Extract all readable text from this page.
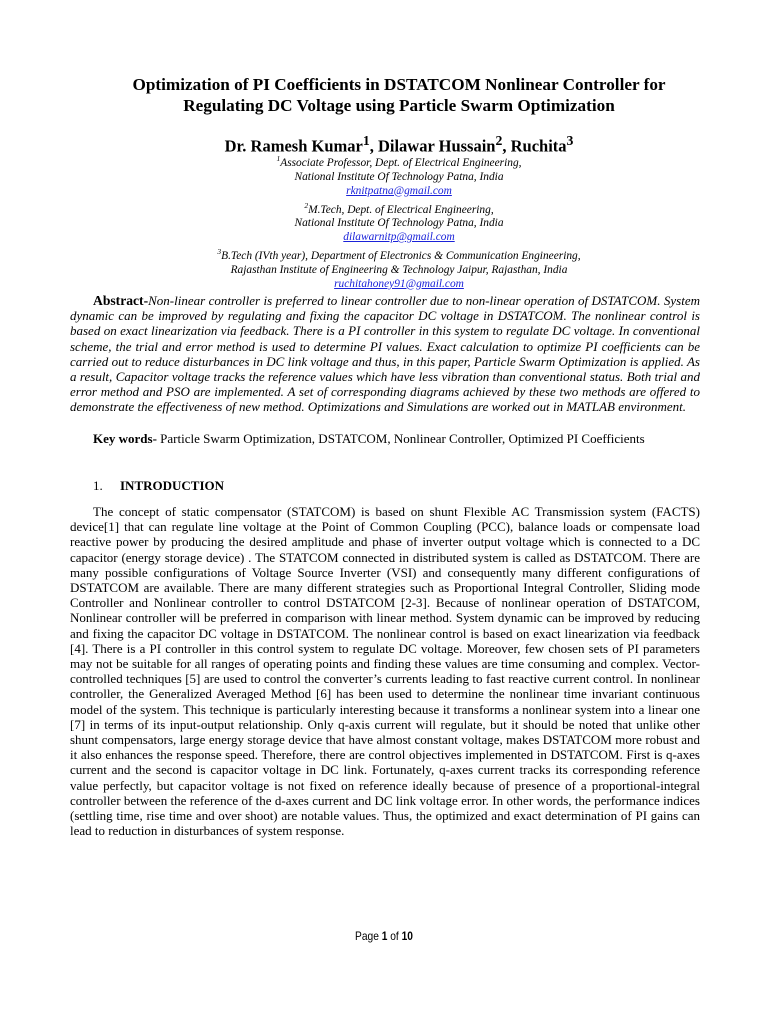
Optimization of PI Coefficients in DSTATCOM Nonlinear Controller for
Regulating DC Voltage using Particle Swarm Optimization
Dr. Ramesh Kumar$^1$, Dilawar Hussain$^2$, Ruchita$^3$
$^1$Associate Professor, Dept. of Electrical Engineering,
National Institute Of Technology Patna, India
rknitpatna@gmail.com
$^2$M.Tech, Dept. of Electrical Engineering,
National Institute Of Technology Patna, India
dilawarnitp@gmail.com
$^3$B.Tech (IVth year), Department of Electronics & Communication Engineering,
Rajasthan Institute of Engineering & Technology Jaipur, Rajasthan, India
ruchitahoney91@gmail.com
Abstract-Non-linear controller is preferred to linear controller due to non-linear operation of DSTATCOM. System dynamic can be improved by regulating and fixing the capacitor DC voltage in DSTATCOM. The nonlinear control is based on exact linearization via feedback. There is a PI controller in this system to regulate DC voltage. In conventional scheme, the trial and error method is used to determine PI values. Exact calculation to optimize PI coefficients can be carried out to reduce disturbances in DC link voltage and thus, in this paper, Particle Swarm Optimization is applied. As a result, Capacitor voltage tracks the reference values which have less vibration than conventional status. Both trial and error method and PSO are implemented. A set of corresponding diagrams achieved by these two methods are offered to demonstrate the effectiveness of new method. Optimizations and Simulations are worked out in MATLAB environment.
Key words- Particle Swarm Optimization, DSTATCOM, Nonlinear Controller, Optimized PI Coefficients
1. INTRODUCTION
The concept of static compensator (STATCOM) is based on shunt Flexible AC Transmission system (FACTS) device[1] that can regulate line voltage at the Point of Common Coupling (PCC), balance loads or compensate load reactive power by producing the desired amplitude and phase of inverter output voltage which is connected to a DC capacitor (energy storage device) . The STATCOM connected in distributed system is called as DSTATCOM. There are many possible configurations of Voltage Source Inverter (VSI) and consequently many different configurations of DSTATCOM are available. There are many different strategies such as Proportional Integral Controller, Sliding mode Controller and Nonlinear controller to control DSTATCOM [2-3]. Because of nonlinear operation of DSTATCOM, Nonlinear controller will be preferred in comparison with linear method. System dynamic can be improved by reducing and fixing the capacitor DC voltage in DSTATCOM. The nonlinear control is based on exact linearization via feedback [4]. There is a PI controller in this control system to regulate DC voltage. Moreover, few chosen sets of PI parameters may not be suitable for all ranges of operating points and finding these values are time consuming and complex. Vector-controlled techniques [5] are used to control the converter’s currents leading to fast reactive current control. In nonlinear controller, the Generalized Averaged Method [6] has been used to determine the nonlinear time invariant continuous model of the system. This technique is particularly interesting because it transforms a nonlinear system into a linear one [7] in terms of its input-output relationship. Only q-axis current will regulate, but it should be noted that unlike other shunt compensators, large energy storage device that have almost constant voltage, makes DSTATCOM more robust and it also enhances the response speed. Therefore, there are control objectives implemented in DSTATCOM. First is q-axes current and the second is capacitor voltage in DC link. Fortunately, q-axes current tracks its corresponding reference value perfectly, but capacitor voltage is not fixed on reference ideally because of presence of a proportional-integral controller between the reference of the d-axes current and DC link voltage error. In other words, the performance indices (settling time, rise time and over shoot) are notable values. Thus, the optimized and exact determination of PI gains can lead to reduction in disturbances of system response.
Page 1 of 10
